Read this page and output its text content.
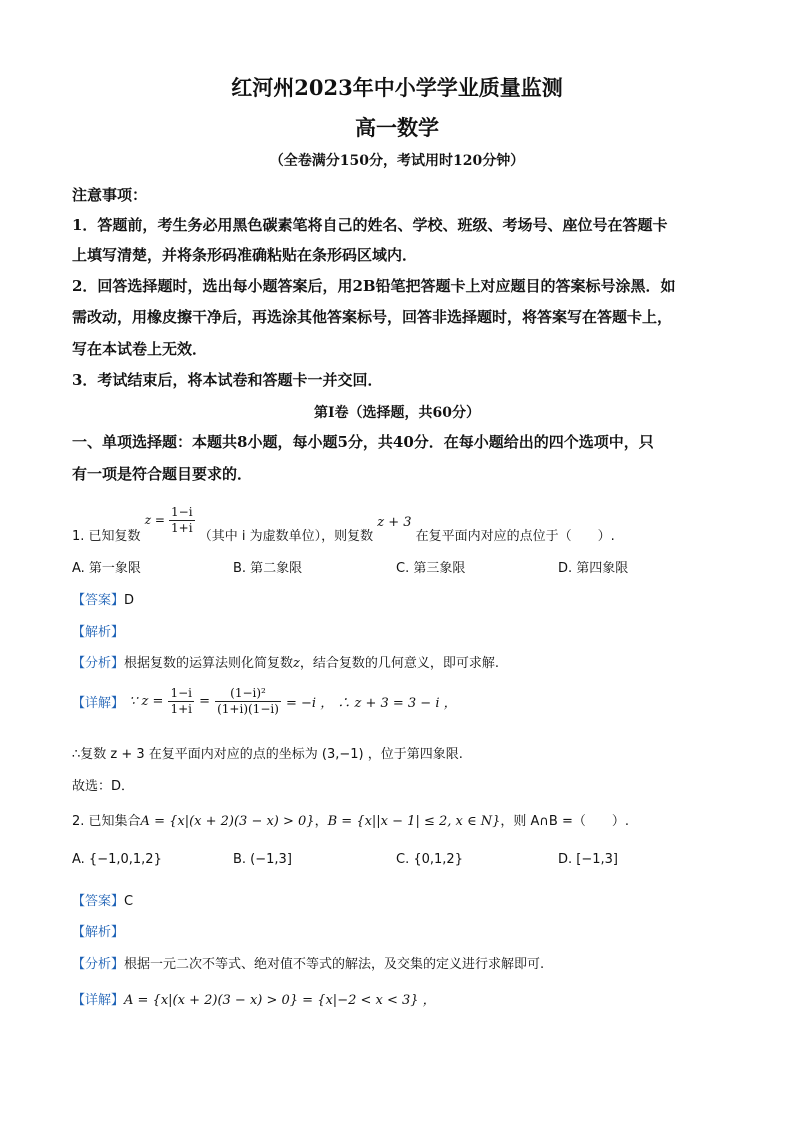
红河州2023年中小学学业质量监测
高一数学
（全卷满分150分，考试用时120分钟）
注意事项：
1．答题前，考生务必用黑色碳素笔将自己的姓名、学校、班级、考场号、座位号在答题卡
上填写清楚，并将条形码准确粘贴在条形码区域内．
2．回答选择题时，选出每小题答案后，用2B铅笔把答题卡上对应题目的答案标号涂黑．如
需改动，用橡皮擦干净后，再选涂其他答案标号，回答非选择题时，将答案写在答题卡上，
写在本试卷上无效．
3．考试结束后，将本试卷和答题卡一并交回．
第Ⅰ卷（选择题，共60分）
一、单项选择题：本题共8小题，每小题5分，共40分．在每小题给出的四个选项中，只
有一项是符合题目要求的．
1. 已知复数 $z = \frac{1-i}{1+i}$
（其中 i 为虚数单位），则复数 z + 3 在复平面内对应的点位于（　　）.
A. 第一象限	B. 第二象限	C. 第三象限	D. 第四象限
【答案】D
【解析】
【分析】根据复数的运算法则化简复数z，结合复数的几何意义，即可求解.
【详解】 ∵ $z = \frac{1-i}{1+i} = \frac{\text{(1−i)²}}{(1+i)(1-i)} = -i$ ， ∴ z + 3 = 3 − i ，
∴复数 z + 3 在复平面内对应的点的坐标为 (3,−1) ，位于第四象限.
故选：D．
2. 已知集合A = {x|(x + 2)(3 − x) > 0}，B = {x||x − 1| ≤ 2, x ∈ N}，则 A∩B =（　　）.
A. {−1,0,1,2}	B. (−1,3]	C. {0,1,2}	D. [−1,3]
【答案】C
【解析】
【分析】根据一元二次不等式、绝对值不等式的解法，及交集的定义进行求解即可.
【详解】A = {x|(x + 2)(3 − x) > 0} = {x|−2 < x < 3} ，
